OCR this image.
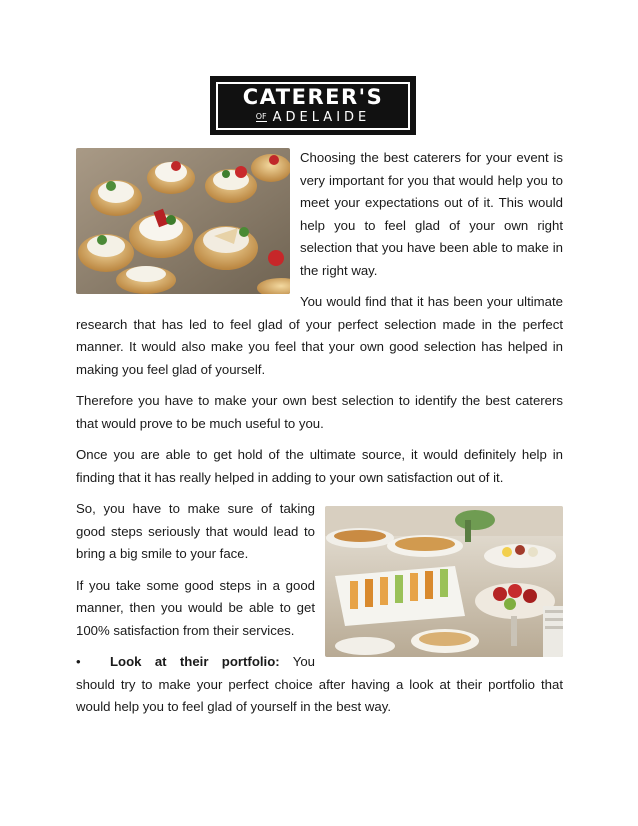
CATERER'S
OF ADELAIDE

Choosing the best caterers for your event is very important for you that would help you to meet your expectations out of it. This would help you to feel glad of your own right selection that you have been able to make in the right way.

You would find that it has been your ultimate research that has led to feel glad of your perfect selection made in the perfect manner. It would also make you feel that your own good selection has helped in making you feel glad of yourself.

Therefore you have to make your own best selection to identify the best caterers that would prove to be much useful to you.

Once you are able to get hold of the ultimate source, it would definitely help in finding that it has really helped in adding to your own satisfaction out of it.

So, you have to make sure of taking good steps seriously that would lead to bring a big smile to your face.

If you take some good steps in a good manner, then you would be able to get 100% satisfaction from their services.

• Look at their portfolio: You should try to make your perfect choice after having a look at their portfolio that would help you to feel glad of yourself in the best way.
